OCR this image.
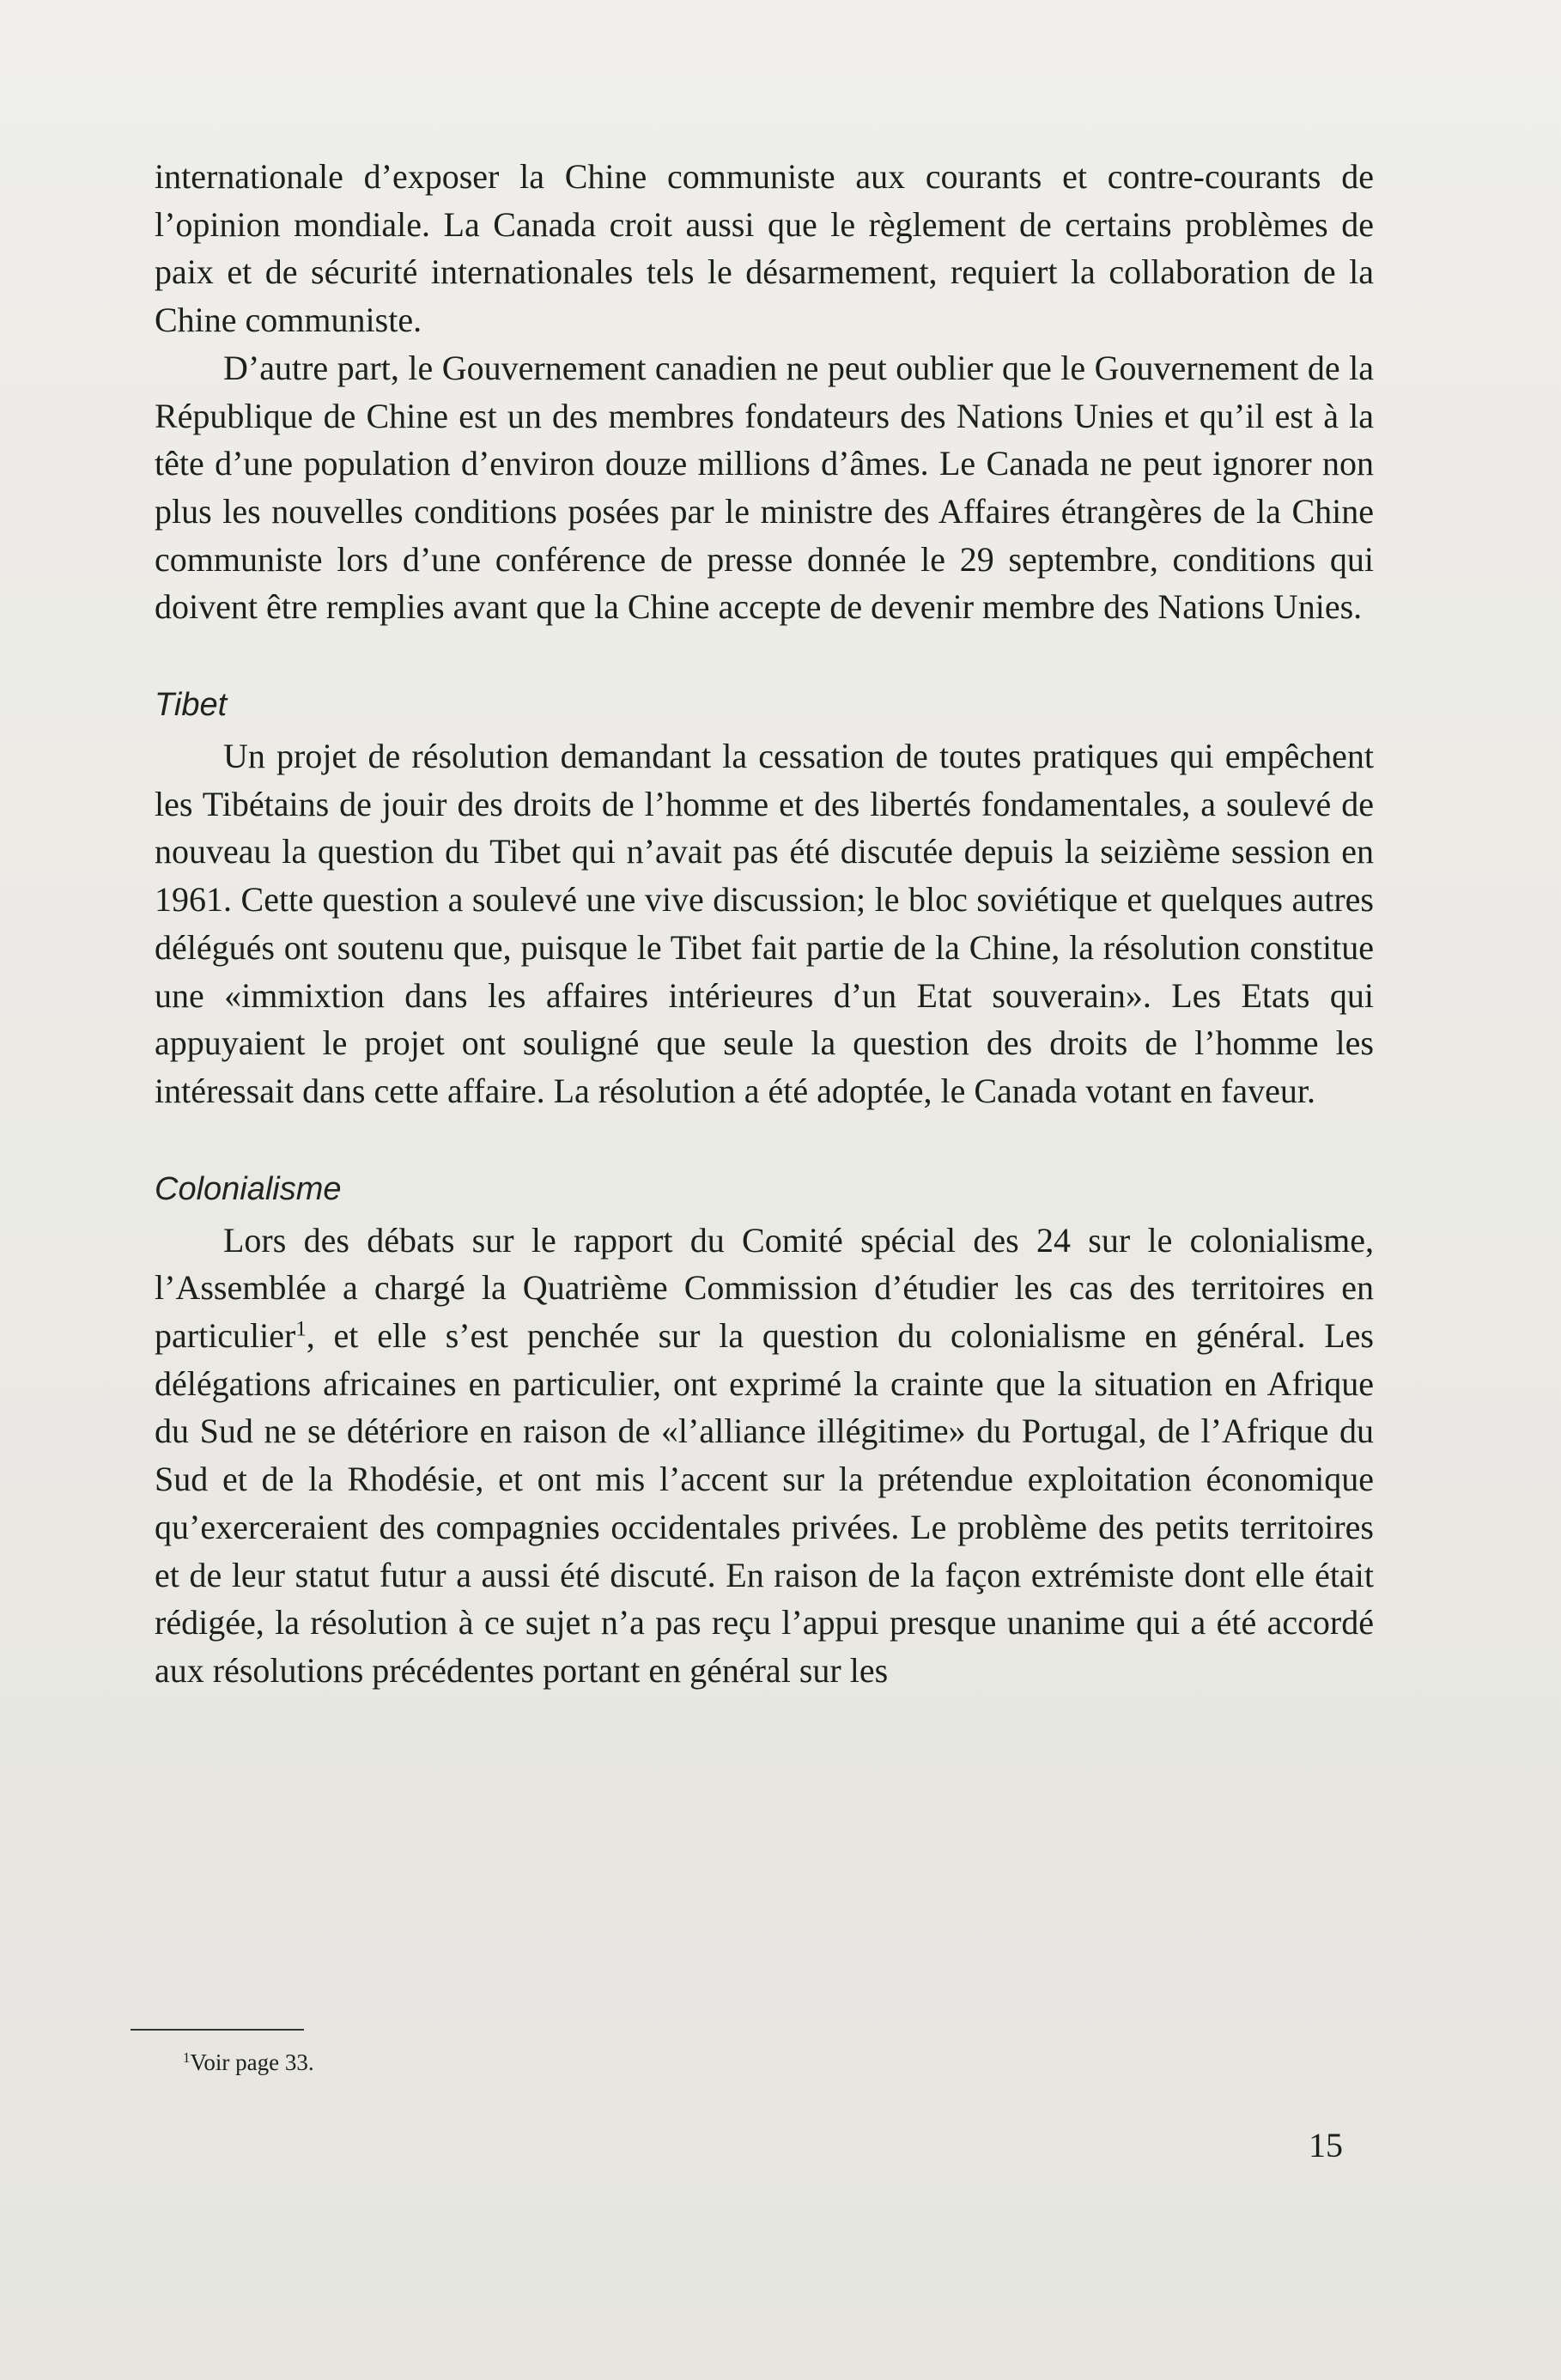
internationale d’exposer la Chine communiste aux courants et contre-courants de l’opinion mondiale. La Canada croit aussi que le règlement de certains problèmes de paix et de sécurité internationales tels le désarmement, requiert la collaboration de la Chine communiste.

D’autre part, le Gouvernement canadien ne peut oublier que le Gouvernement de la République de Chine est un des membres fondateurs des Nations Unies et qu’il est à la tête d’une population d’environ douze millions d’âmes. Le Canada ne peut ignorer non plus les nouvelles conditions posées par le ministre des Affaires étrangères de la Chine communiste lors d’une conférence de presse donnée le 29 septembre, conditions qui doivent être remplies avant que la Chine accepte de devenir membre des Nations Unies.

Tibet

Un projet de résolution demandant la cessation de toutes pratiques qui empêchent les Tibétains de jouir des droits de l’homme et des libertés fondamentales, a soulevé de nouveau la question du Tibet qui n’avait pas été discutée depuis la seizième session en 1961. Cette question a soulevé une vive discussion; le bloc soviétique et quelques autres délégués ont soutenu que, puisque le Tibet fait partie de la Chine, la résolution constitue une «immixtion dans les affaires intérieures d’un Etat souverain». Les Etats qui appuyaient le projet ont souligné que seule la question des droits de l’homme les intéressait dans cette affaire. La résolution a été adoptée, le Canada votant en faveur.

Colonialisme

Lors des débats sur le rapport du Comité spécial des 24 sur le colonialisme, l’Assemblée a chargé la Quatrième Commission d’étudier les cas des territoires en particulier$^1$, et elle s’est penchée sur la question du colonialisme en général. Les délégations africaines en particulier, ont exprimé la crainte que la situation en Afrique du Sud ne se détériore en raison de «l’alliance illégitime» du Portugal, de l’Afrique du Sud et de la Rhodésie, et ont mis l’accent sur la prétendue exploitation économique qu’exerceraient des compagnies occidentales privées. Le problème des petits territoires et de leur statut futur a aussi été discuté. En raison de la façon extrémiste dont elle était rédigée, la résolution à ce sujet n’a pas reçu l’appui presque unanime qui a été accordé aux résolutions précédentes portant en général sur les

$^1$Voir page 33.
15
